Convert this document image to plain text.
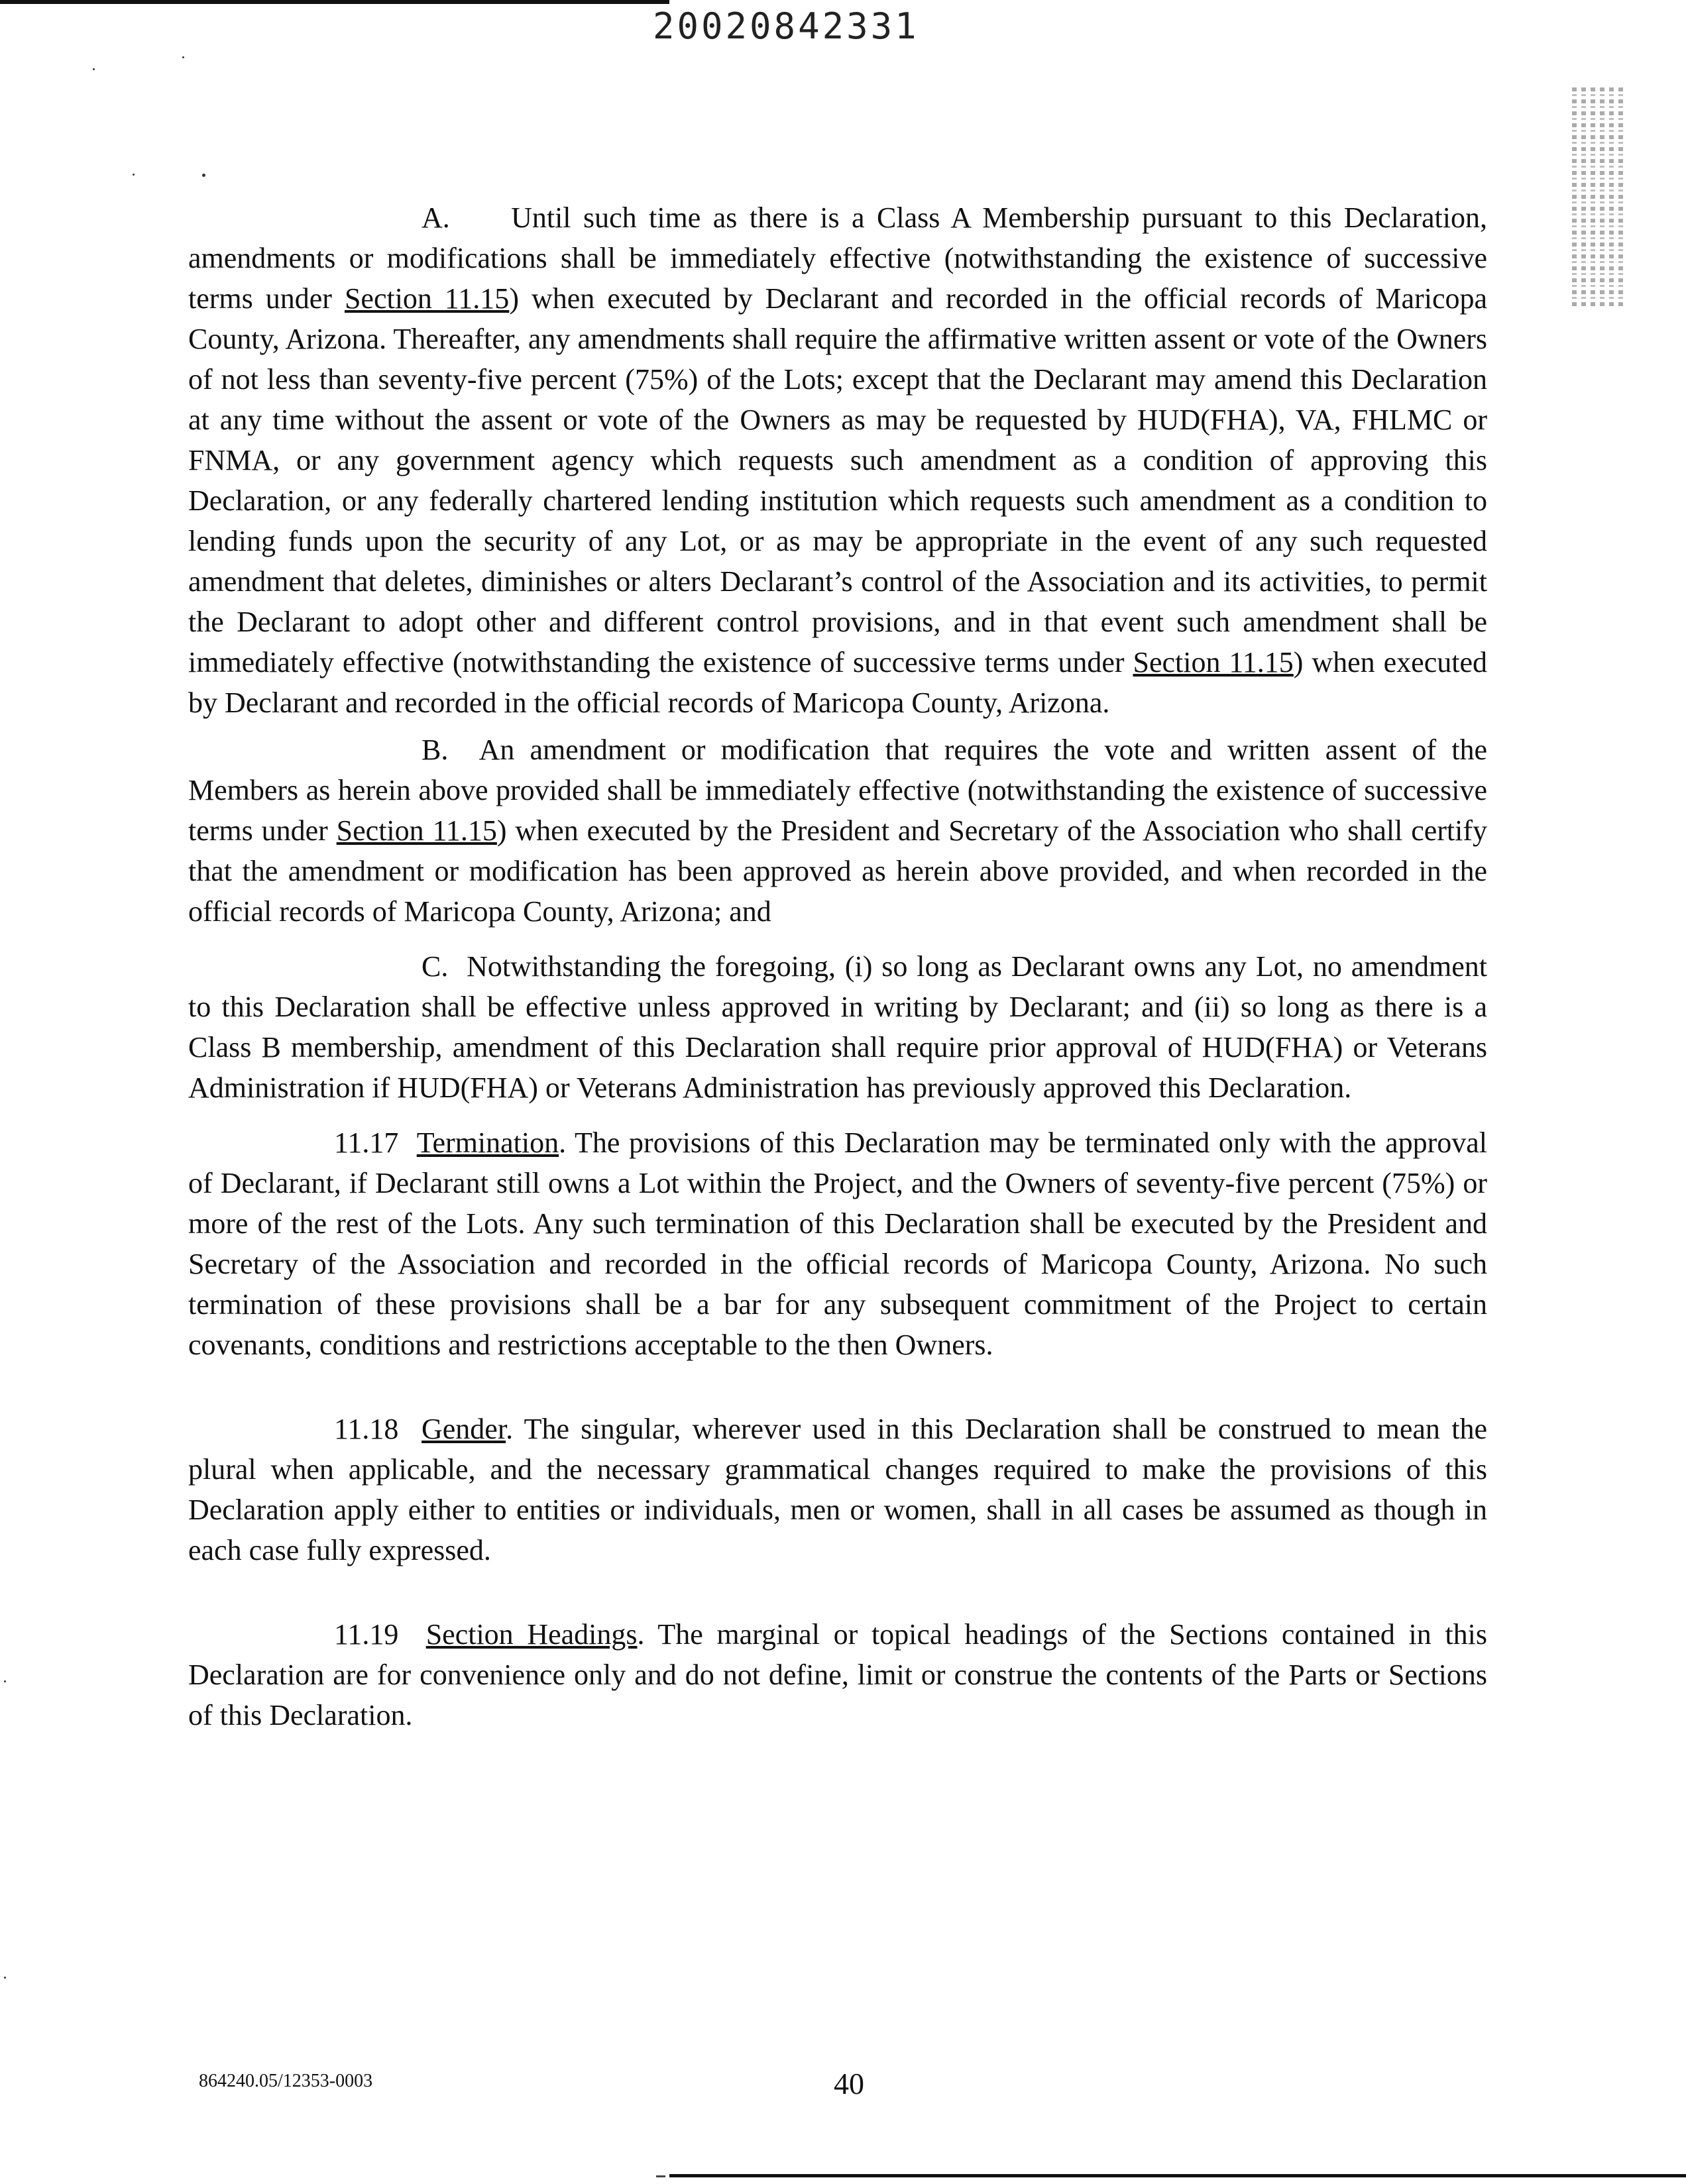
20020842331

A. Until such time as there is a Class A Membership pursuant to this Declaration, amendments or modifications shall be immediately effective (notwithstanding the existence of successive terms under Section 11.15) when executed by Declarant and recorded in the official records of Maricopa County, Arizona. Thereafter, any amendments shall require the affirmative written assent or vote of the Owners of not less than seventy-five percent (75%) of the Lots; except that the Declarant may amend this Declaration at any time without the assent or vote of the Owners as may be requested by HUD(FHA), VA, FHLMC or FNMA, or any government agency which requests such amendment as a condition of approving this Declaration, or any federally chartered lending institution which requests such amendment as a condition to lending funds upon the security of any Lot, or as may be appropriate in the event of any such requested amendment that deletes, diminishes or alters Declarant’s control of the Association and its activities, to permit the Declarant to adopt other and different control provisions, and in that event such amendment shall be immediately effective (notwithstanding the existence of successive terms under Section 11.15) when executed by Declarant and recorded in the official records of Maricopa County, Arizona.

B. An amendment or modification that requires the vote and written assent of the Members as herein above provided shall be immediately effective (notwithstanding the existence of successive terms under Section 11.15) when executed by the President and Secretary of the Association who shall certify that the amendment or modification has been approved as herein above provided, and when recorded in the official records of Maricopa County, Arizona; and

C. Notwithstanding the foregoing, (i) so long as Declarant owns any Lot, no amendment to this Declaration shall be effective unless approved in writing by Declarant; and (ii) so long as there is a Class B membership, amendment of this Declaration shall require prior approval of HUD(FHA) or Veterans Administration if HUD(FHA) or Veterans Administration has previously approved this Declaration.

11.17 Termination. The provisions of this Declaration may be terminated only with the approval of Declarant, if Declarant still owns a Lot within the Project, and the Owners of seventy-five percent (75%) or more of the rest of the Lots. Any such termination of this Declaration shall be executed by the President and Secretary of the Association and recorded in the official records of Maricopa County, Arizona. No such termination of these provisions shall be a bar for any subsequent commitment of the Project to certain covenants, conditions and restrictions acceptable to the then Owners.

11.18 Gender. The singular, wherever used in this Declaration shall be construed to mean the plural when applicable, and the necessary grammatical changes required to make the provisions of this Declaration apply either to entities or individuals, men or women, shall in all cases be assumed as though in each case fully expressed.

11.19 Section Headings. The marginal or topical headings of the Sections contained in this Declaration are for convenience only and do not define, limit or construe the contents of the Parts or Sections of this Declaration.

864240.05/12353-0003	40
